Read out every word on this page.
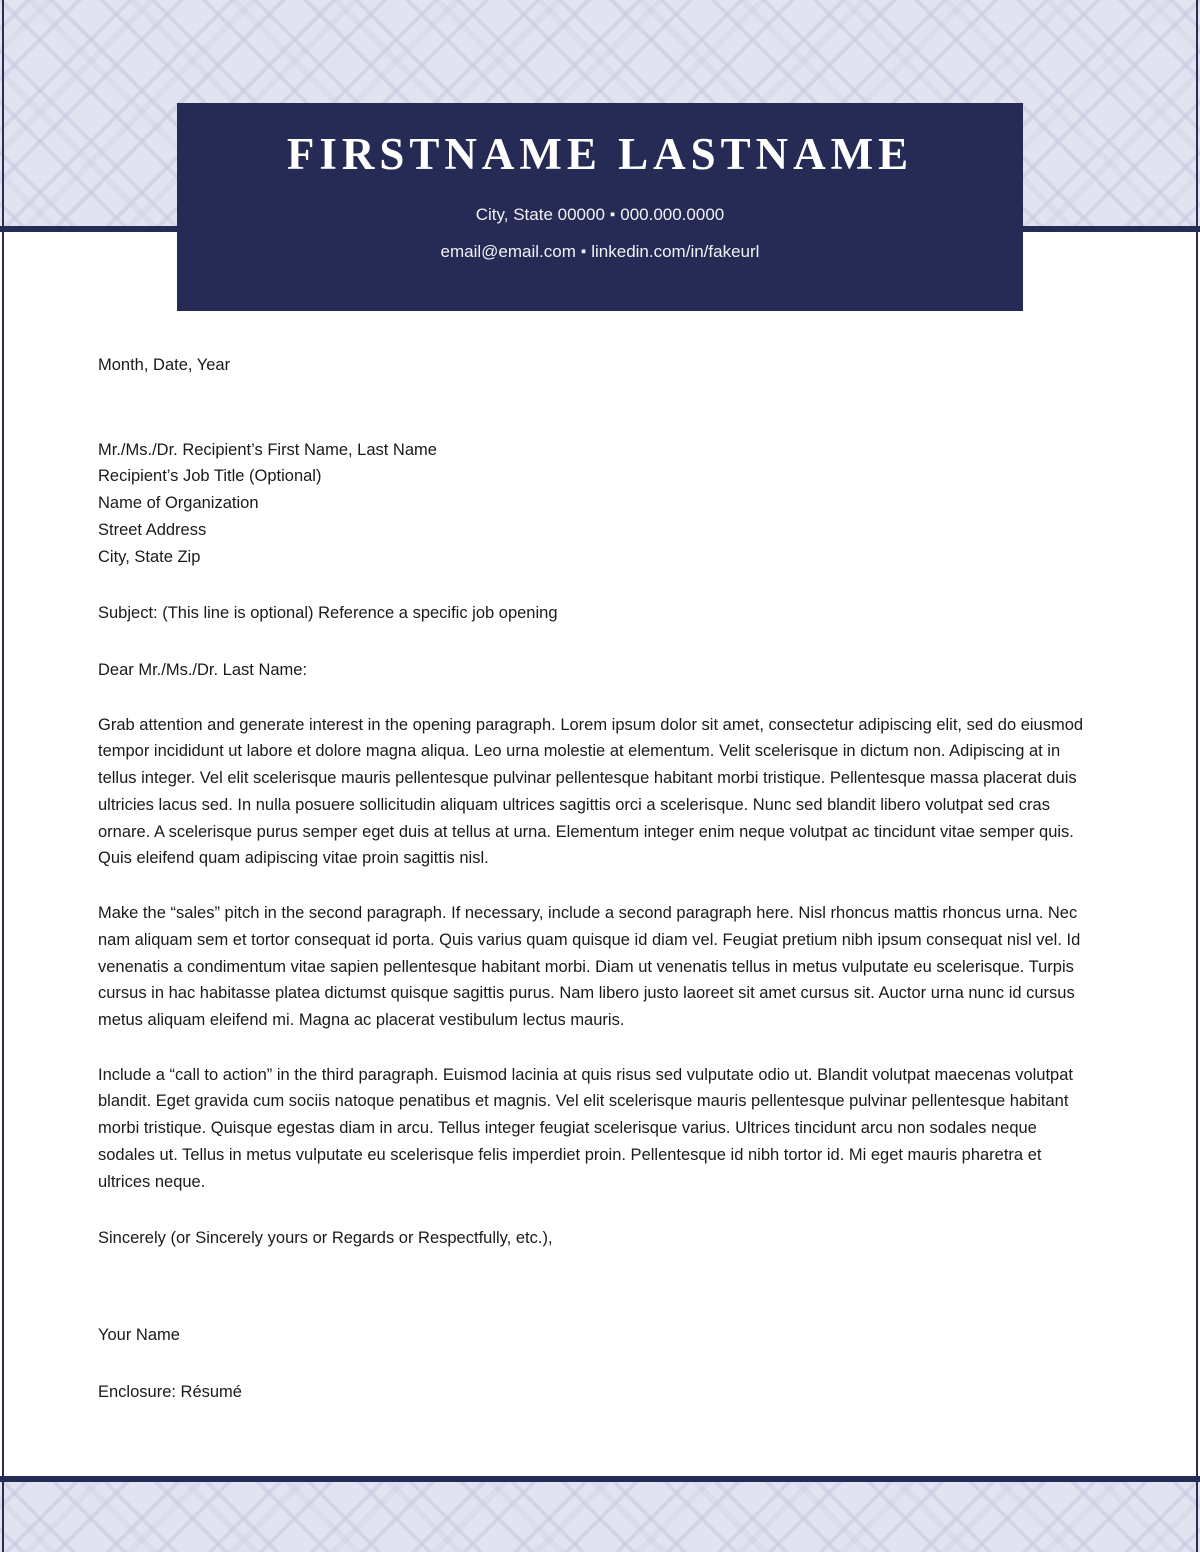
FIRSTNAME LASTNAME

City, State 00000 ▪ 000.000.0000

email@email.com ▪ linkedin.com/in/fakeurl

Month, Date, Year

Mr./Ms./Dr. Recipient’s First Name, Last Name
Recipient’s Job Title (Optional)
Name of Organization
Street Address
City, State Zip

Subject: (This line is optional) Reference a specific job opening

Dear Mr./Ms./Dr. Last Name:

Grab attention and generate interest in the opening paragraph. Lorem ipsum dolor sit amet, consectetur adipiscing elit, sed do eiusmod tempor incididunt ut labore et dolore magna aliqua. Leo urna molestie at elementum. Velit scelerisque in dictum non. Adipiscing at in tellus integer. Vel elit scelerisque mauris pellentesque pulvinar pellentesque habitant morbi tristique. Pellentesque massa placerat duis ultricies lacus sed. In nulla posuere sollicitudin aliquam ultrices sagittis orci a scelerisque. Nunc sed blandit libero volutpat sed cras ornare. A scelerisque purus semper eget duis at tellus at urna. Elementum integer enim neque volutpat ac tincidunt vitae semper quis. Quis eleifend quam adipiscing vitae proin sagittis nisl.

Make the “sales” pitch in the second paragraph. If necessary, include a second paragraph here. Nisl rhoncus mattis rhoncus urna. Nec nam aliquam sem et tortor consequat id porta. Quis varius quam quisque id diam vel. Feugiat pretium nibh ipsum consequat nisl vel. Id venenatis a condimentum vitae sapien pellentesque habitant morbi. Diam ut venenatis tellus in metus vulputate eu scelerisque. Turpis cursus in hac habitasse platea dictumst quisque sagittis purus. Nam libero justo laoreet sit amet cursus sit. Auctor urna nunc id cursus metus aliquam eleifend mi. Magna ac placerat vestibulum lectus mauris.

Include a “call to action” in the third paragraph. Euismod lacinia at quis risus sed vulputate odio ut. Blandit volutpat maecenas volutpat blandit. Eget gravida cum sociis natoque penatibus et magnis. Vel elit scelerisque mauris pellentesque pulvinar pellentesque habitant morbi tristique. Quisque egestas diam in arcu. Tellus integer feugiat scelerisque varius. Ultrices tincidunt arcu non sodales neque sodales ut. Tellus in metus vulputate eu scelerisque felis imperdiet proin. Pellentesque id nibh tortor id. Mi eget mauris pharetra et ultrices neque.

Sincerely (or Sincerely yours or Regards or Respectfully, etc.),

Your Name

Enclosure: Résumé
